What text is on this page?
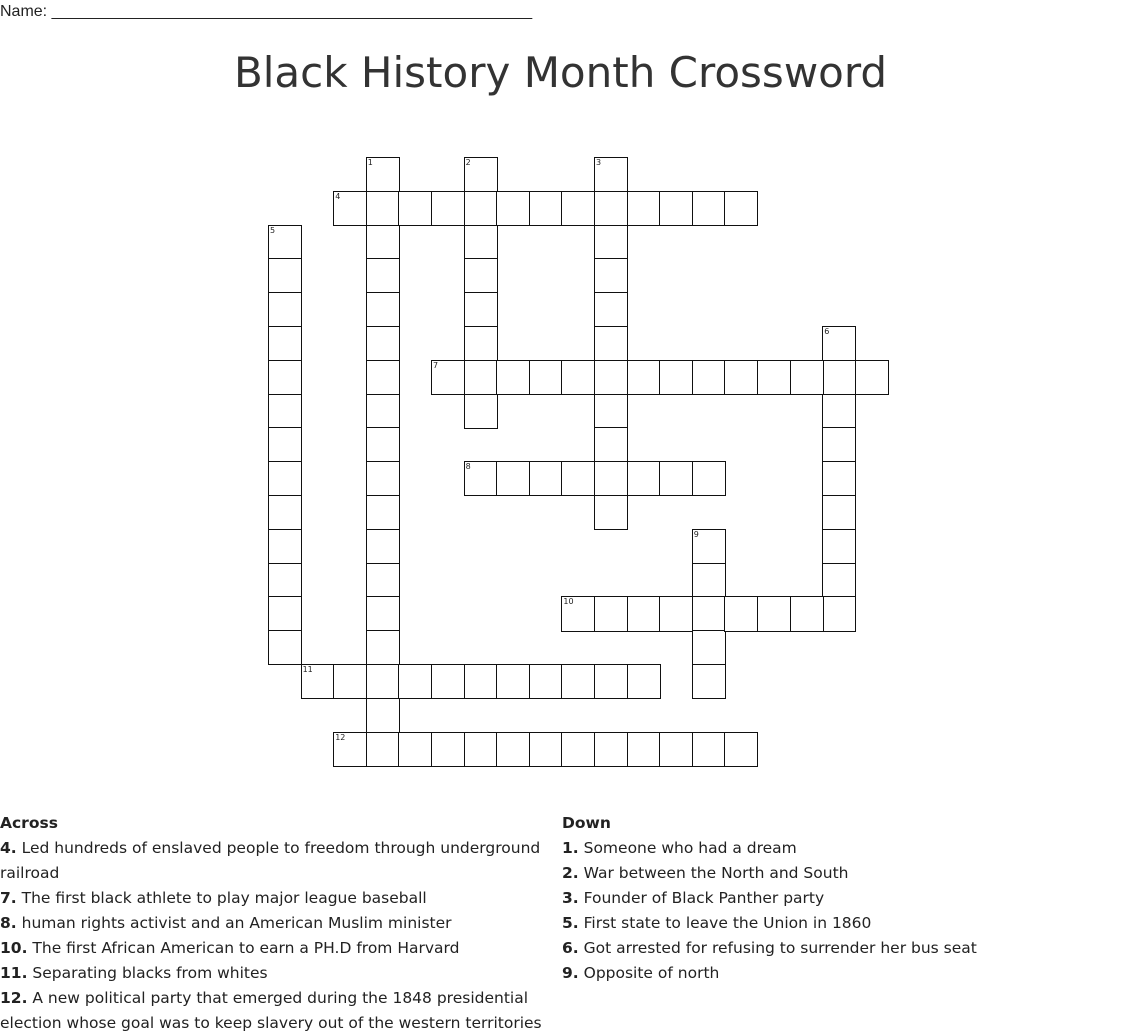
Name: ______________________________________________________
Black History Month Crossword
1	2	3
4
5
6
7
8
9
10
11
12
Across
4. Led hundreds of enslaved people to freedom through underground railroad
7. The first black athlete to play major league baseball
8. human rights activist and an American Muslim minister
10. The first African American to earn a PH.D from Harvard
11. Separating blacks from whites
12. A new political party that emerged during the 1848 presidential election whose goal was to keep slavery out of the western territories
Down
1. Someone who had a dream
2. War between the North and South
3. Founder of Black Panther party
5. First state to leave the Union in 1860
6. Got arrested for refusing to surrender her bus seat
9. Opposite of north
